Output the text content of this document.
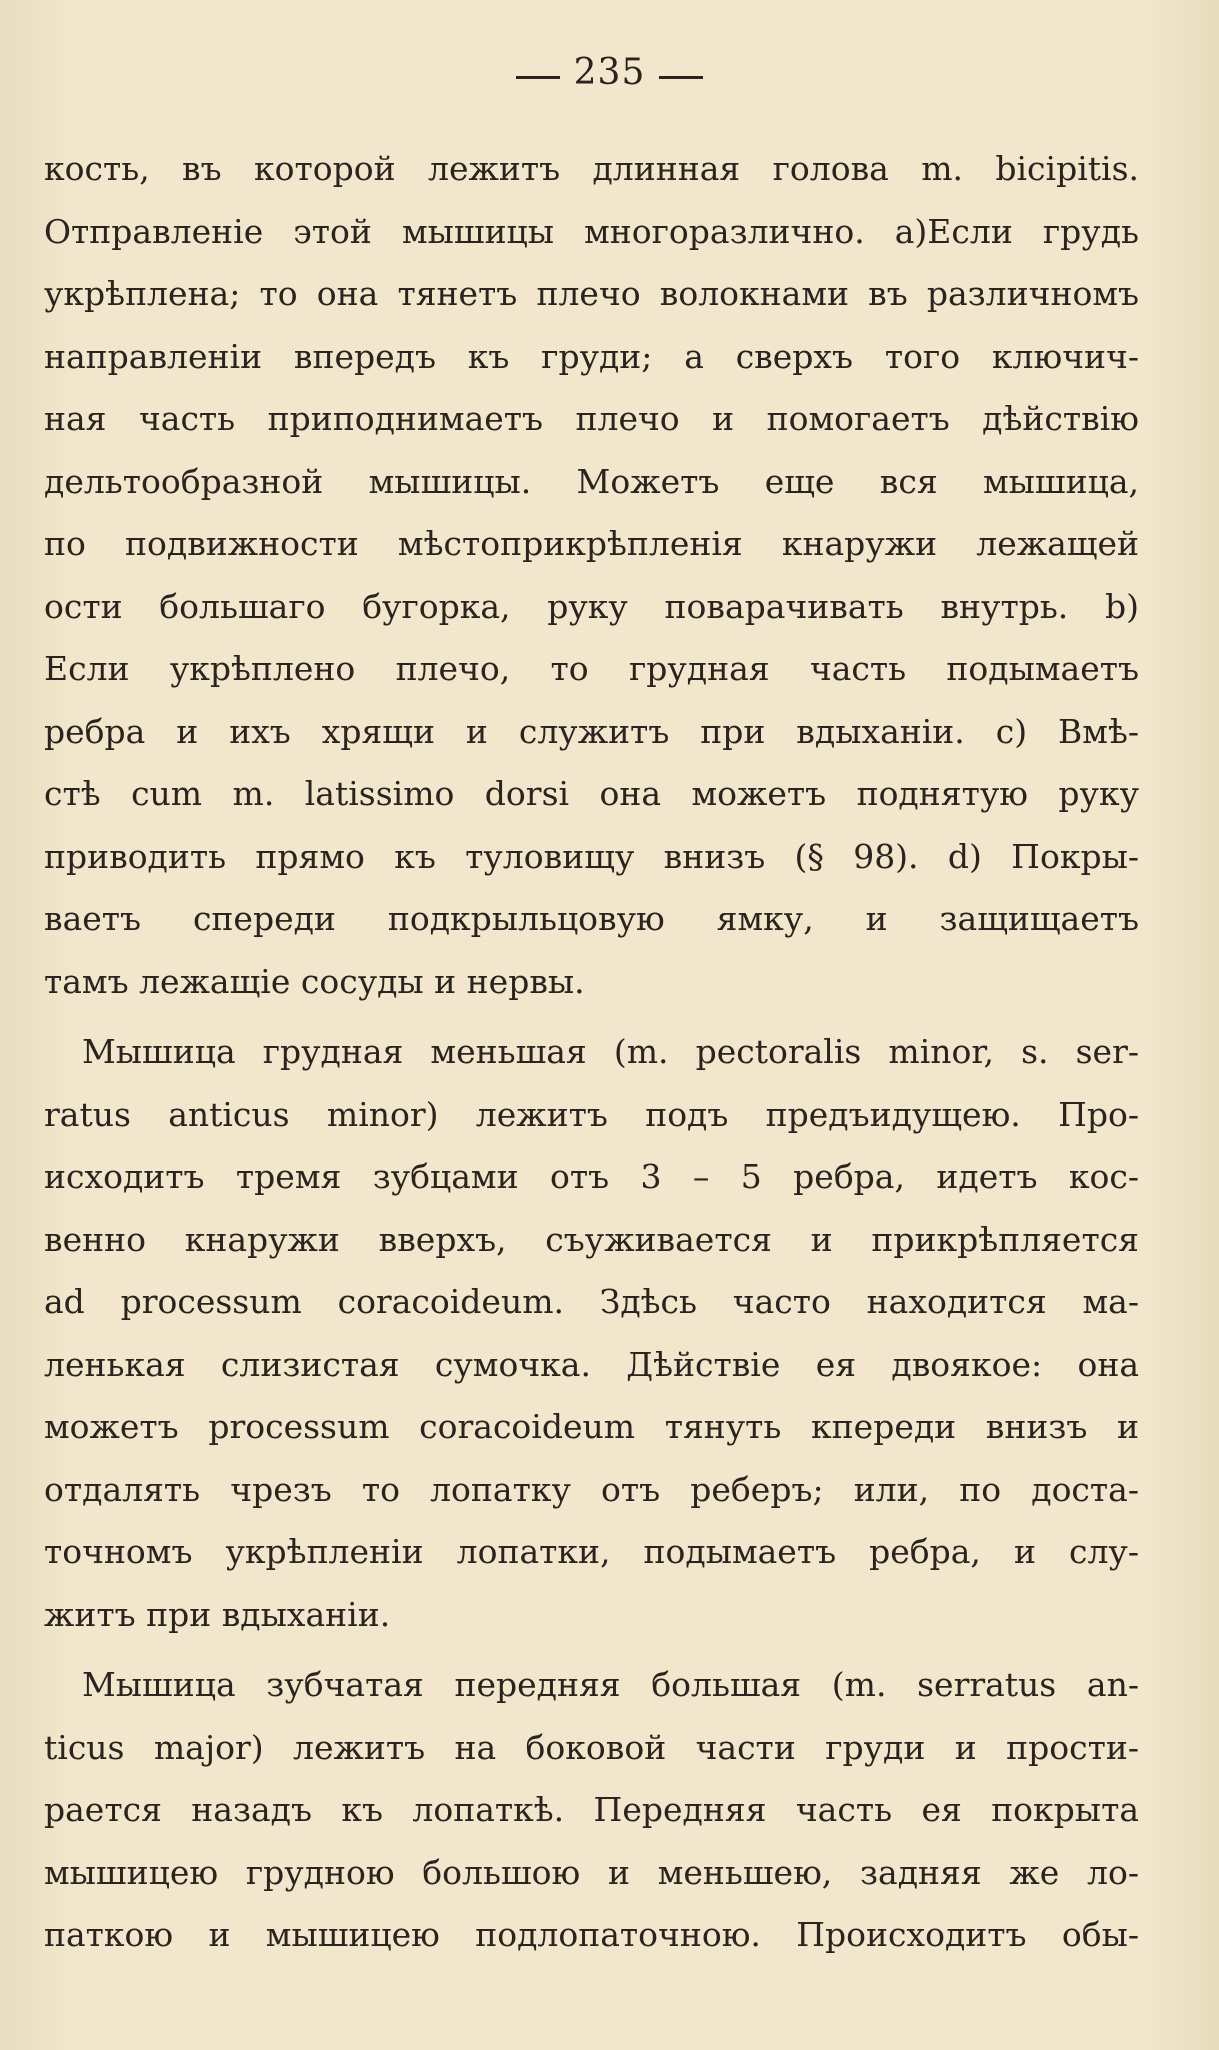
235
кость, въ которой лежитъ длинная голова m. bicipitis.
Отправленіе этой мышицы многоразлично. a)Если грудь
укрѣплена; то она тянетъ плечо волокнами въ различномъ
направленіи впередъ къ груди; а сверхъ того ключич-
ная часть приподнимаетъ плечо и помогаетъ дѣйствію
дельтообразной мышицы. Можетъ еще вся мышица,
по подвижности мѣстоприкрѣпленія кнаружи лежащей
ости большаго бугорка, руку поварачивать внутрь. b)
Если укрѣплено плечо, то грудная часть подымаетъ
ребра и ихъ хрящи и служитъ при вдыханіи. c) Вмѣ-
стѣ cum m. latissimo dorsi она можетъ поднятую руку
приводить прямо къ туловищу внизъ (§ 98). d) Покры-
ваетъ спереди подкрыльцовую ямку, и защищаетъ
тамъ лежащіе сосуды и нервы.
Мышица грудная меньшая (m. pectoralis minor, s. ser-
ratus anticus minor) лежитъ подъ предъидущею. Про-
исходитъ тремя зубцами отъ 3 – 5 ребра, идетъ кос-
венно кнаружи вверхъ, съуживается и прикрѣпляется
ad processum coracoideum. Здѣсь часто находится ма-
ленькая слизистая сумочка. Дѣйствіе ея двоякое: она
можетъ processum coracoideum тянуть кпереди внизъ и
отдалять чрезъ то лопатку отъ реберъ; или, по доста-
точномъ укрѣпленіи лопатки, подымаетъ ребра, и слу-
житъ при вдыханіи.
Мышица зубчатая передняя большая (m. serratus an-
ticus major) лежитъ на боковой части груди и прости-
рается назадъ къ лопаткѣ. Передняя часть ея покрыта
мышицею грудною большою и меньшею, задняя же ло-
паткою и мышицею подлопаточною. Происходитъ обы-
